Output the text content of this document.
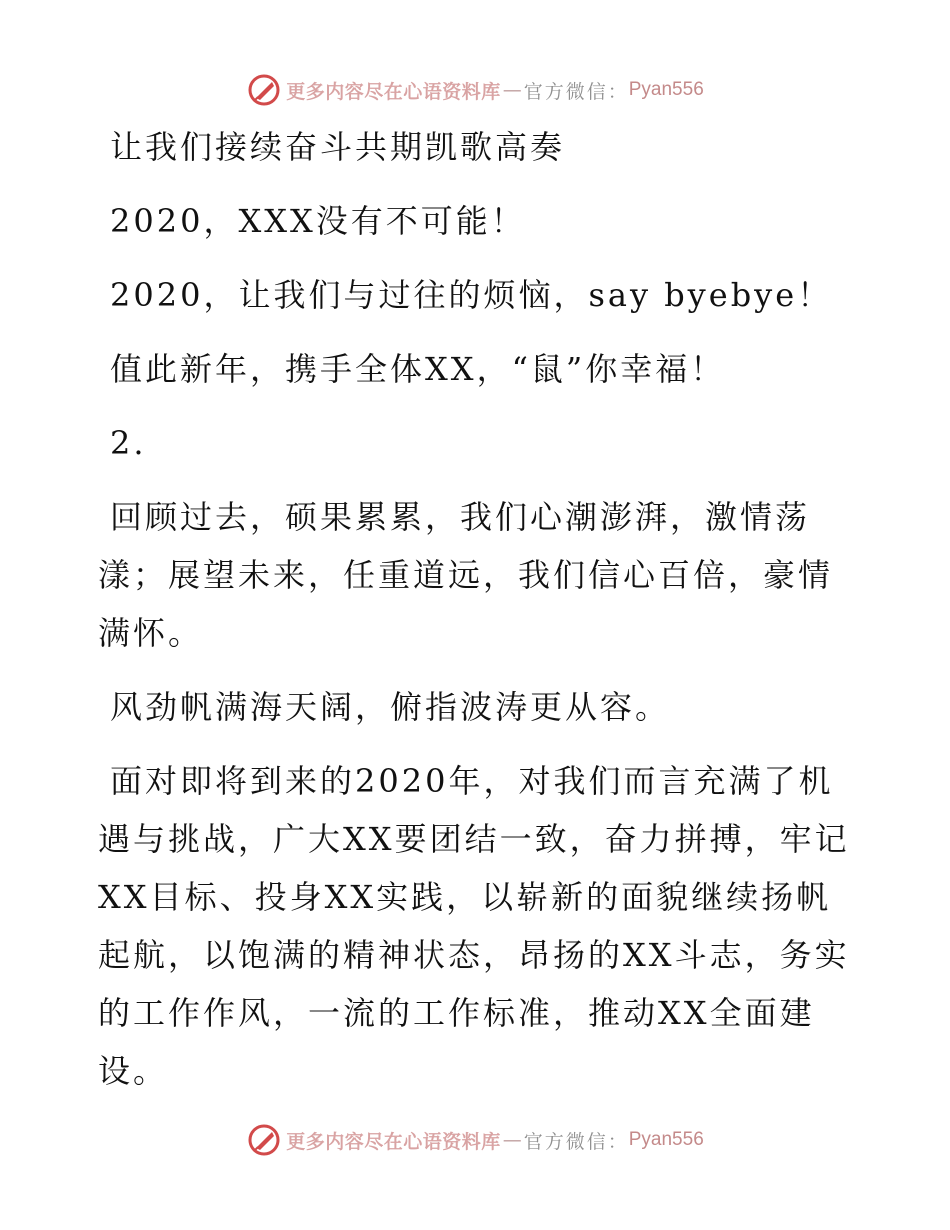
更多内容尽在心语资料库 — 官方微信： Pyan556

让我们接续奋斗共期凯歌高奏

2020，XXX没有不可能！

2020，让我们与过往的烦恼，say byebye！

值此新年，携手全体XX，“鼠”你幸福！

2.

回顾过去，硕果累累，我们心潮澎湃，激情荡漾；展望未来，任重道远，我们信心百倍，豪情满怀。

风劲帆满海天阔，俯指波涛更从容。

面对即将到来的2020年，对我们而言充满了机遇与挑战，广大XX要团结一致，奋力拼搏，牢记XX目标、投身XX实践，以崭新的面貌继续扬帆起航，以饱满的精神状态，昂扬的XX斗志，务实的工作作风，一流的工作标准，推动XX全面建设。

更多内容尽在心语资料库 — 官方微信： Pyan556
